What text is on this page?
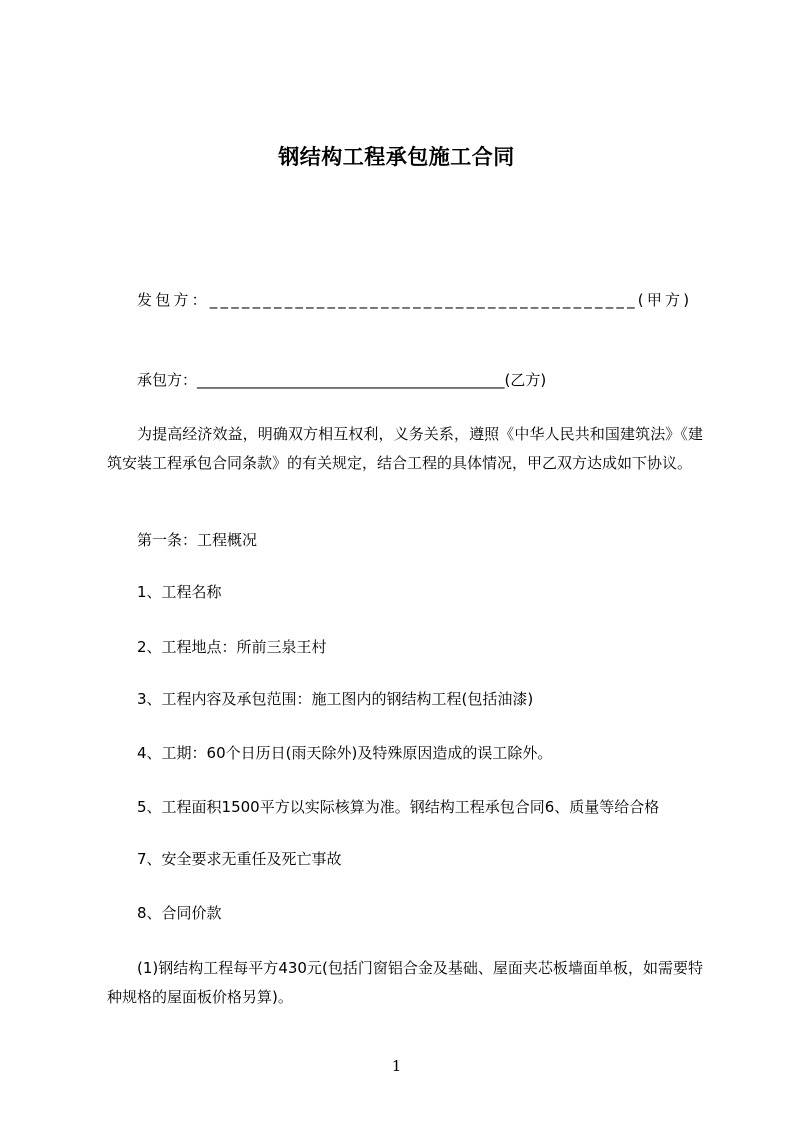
钢结构工程承包施工合同
发包方：________________________________________(甲方)
承包方：_________________________________________(乙方)
为提高经济效益，明确双方相互权利，义务关系，遵照《中华人民共和国建筑法》《建筑安装工程承包合同条款》的有关规定，结合工程的具体情况，甲乙双方达成如下协议。
第一条：工程概况
1、工程名称
2、工程地点：所前三泉王村
3、工程内容及承包范围：施工图内的钢结构工程(包括油漆)
4、工期：60个日历日(雨天除外)及特殊原因造成的误工除外。
5、工程面积1500平方以实际核算为准。钢结构工程承包合同6、质量等给合格
7、安全要求无重任及死亡事故
8、合同价款
(1)钢结构工程每平方430元(包括门窗铝合金及基础、屋面夹芯板墙面单板，如需要特种规格的屋面板价格另算)。
1
